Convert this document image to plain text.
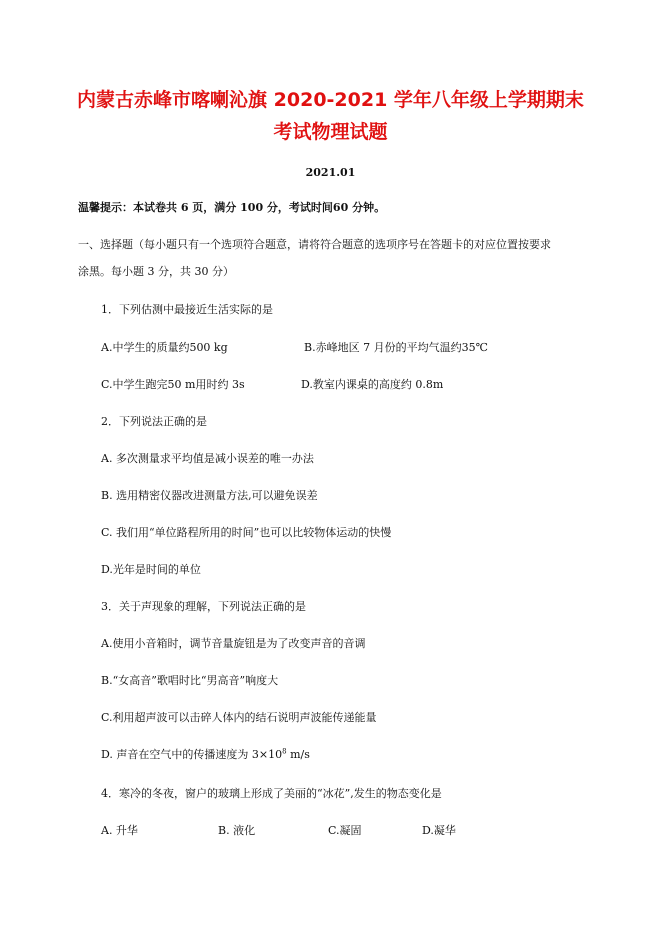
内蒙古赤峰市喀喇沁旗 2020-2021 学年八年级上学期期末
考试物理试题
2021.01
温馨提示：本试卷共 6 页，满分 100 分，考试时间60 分钟。
一、选择题（每小题只有一个选项符合题意，请将符合题意的选项序号在答题卡的对应位置按要求
涂黑。每小题 3 分，共 30 分）
1．下列估测中最接近生活实际的是
A.中学生的质量约500 kg	B.赤峰地区 7 月份的平均气温约35℃
C.中学生跑完50 m用时约 3s	D.教室内课桌的高度约 0.8m
2．下列说法正确的是
A. 多次测量求平均值是减小误差的唯一办法
B. 选用精密仪器改进测量方法,可以避免误差
C. 我们用“单位路程所用的时间”也可以比较物体运动的快慢
D.光年是时间的单位
3．关于声现象的理解，下列说法正确的是
A.使用小音箱时，调节音量旋钮是为了改变声音的音调
B.“女高音”歌唱时比“男高音”响度大
C.利用超声波可以击碎人体内的结石说明声波能传递能量
D. 声音在空气中的传播速度为 $3\times 10^8$ m/s
4．寒冷的冬夜，窗户的玻璃上形成了美丽的“冰花”,发生的物态变化是
A. 升华	B. 液化	C.凝固	D.凝华
